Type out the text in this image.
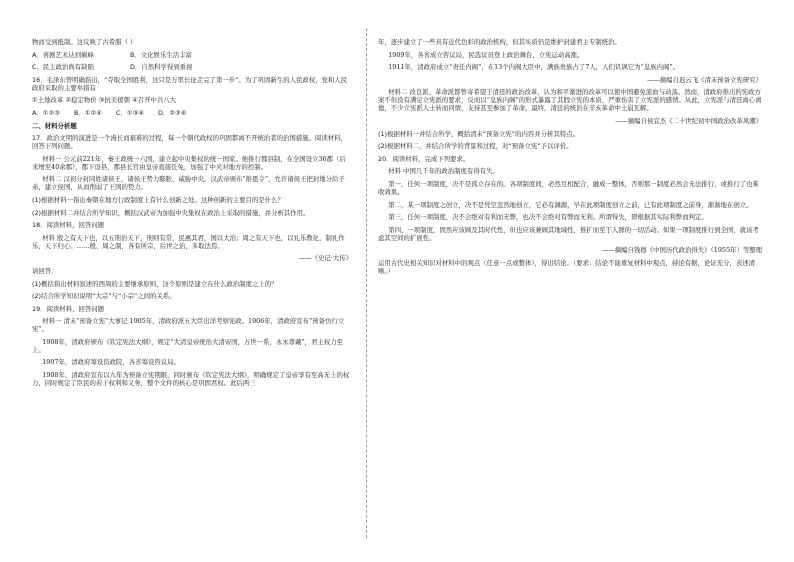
物而受到抵制。这反映了古希腊（ ）

A．喜剧艺术达到巅峰	B．文化娱乐生活丰富
C．民主政治尚有缺陷	D．自然科学得到重视

16．毛泽东曾明确指出，“夺取全国胜利，这只是万里长征走完了第一步”。为了巩固新生的人民政权，党和人民政府采取的主要举措有

①土地改革 ②稳定物价 ③抗美援朝 ④召开中共八大

A．①②③	B．①②④	C．①③④	D．②③④

二、材料分析题

17．政治文明的演进是一个漫长而艰难的过程，每一个朝代政权的巩固都离不开统治者的治国措施。阅读材料，回答下列问题。

材料一 公元前221年，秦王政统一六国，建立起中央集权的统一国家。他推行郡县制，在全国设立36郡（后来增至40余郡），郡下设县，郡县长官由皇帝直接任免，加强了中央对地方的控制。

材料二 汉初分封同姓诸侯王，诸侯王势力膨胀，威胁中央。汉武帝颁布“推恩令”，允许诸侯王把封地分给子弟，建立侯国，从而削弱了王国的势力。

(1)根据材料一指出秦朝在地方行政制度上有什么创新之处。这种创新的主要目的是什么？

(2)根据材料二并结合所学知识，概括汉武帝为加强中央集权在政治上采取的措施，并分析其作用。

18．阅读材料，回答问题

材料 殷之有天下也，以五刑治天下，刑则有常，民惠其君，国以大治；周之有天下也，以礼乐教化，制礼作乐，天下归心。……殷、周之制，各有所宗，后世之治，多取法焉。

——《史记·大传》

请回答：

(1)概括指出材料叙述的西周的主要继承原则，这个原则是建立在什么政治制度之上的？

(2)结合所学知识说明“大宗”与“小宗”之间的关系。

19．阅读材料，回答问题

材料一 清末“预备立宪”大事记 1905年，清政府派五大臣出洋考察宪政。1906年，清政府宣布“预备仿行立宪”。

1908年，清政府颁布《钦定宪法大纲》，规定“大清皇帝统治大清帝国，万世一系，永永尊戴”，君主权力至上。

1907年，清政府筹设资政院，各省筹设咨议局。

1908年，清政府宣布以九年为预备立宪期限，同时颁布《钦定宪法大纲》，明确规定了皇帝享有至高无上的权力，同时规定了臣民的若干权利和义务，整个文件的核心是巩固君权。此后两三

年，逐步建立了一些具有近代色彩的政治机构，但其实质仍是维护封建君主专制统治。

1909年，各省成立咨议局，民选议员登上政治舞台，立宪运动高涨。

1911年，清政府成立“责任内阁”，在13个内阁大臣中，满族贵族占了7人，人们讥讽它为“皇族内阁”。

——摘编自迟云飞《清末预备立宪研究》

材料二 改良派、革命派都曾寄希望于清廷的政治改革，认为和平渐进的改革可以使中国避免流血与动荡。然而，清政府推出的宪政方案不但没有满足立宪派的要求，反而以“皇族内阁”的形式暴露了其假立宪的本质，严重伤害了立宪派的感情。从此，立宪派与清廷离心离德，不少立宪派人士转而同情、支持甚至参加了革命，最终，清廷的统治在辛亥革命中土崩瓦解。

——摘编自侯宜杰《二十世纪初中国政治改革风潮》

(1)根据材料一并结合所学，概括清末“预备立宪”的内容并分析其特点。

(2)根据材料二，并结合所学的背景和过程，对“预备立宪”予以评价。

20．阅读材料，完成下列要求。

材料 中国几千年的政治制度有得有失。

第一，任何一项制度，决不是孤立存在的。各项制度间，必然互相配合，融成一整体，否则那一制度必然会无法推行，或推行了也难收效果。

第二，某一项制度之创立，决不是凭空忽然地创立，它必有渊源，早在此项制度创立之前，已有此项制度之前身，渐渐地在创立。

第三，任何一项制度，决不会绝对有利而无弊，也决不会绝对有弊而无利。所谓得失，即根据其实际利弊而判定。

第四，一项制度，固然应该顾及其时代性，但也应该兼顾其地域性，推扩而至于人群的一切活动。如果一项制度推行到全国，就该考虑其空间的扩展性。

——摘编自钱穆《中国历代政治得失》（1955年）等整理

运用古代史相关知识对材料中的观点（任意一点或整体），得出结论。（要求：结论不能重复材料中观点，持论有据，论证充分，表述清晰。）
